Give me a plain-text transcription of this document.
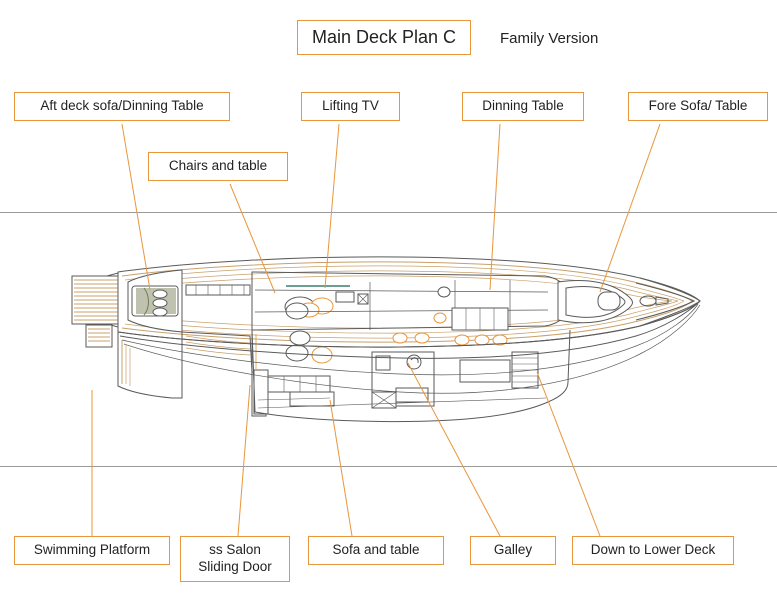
Main Deck Plan C	Family Version
Aft deck sofa/Dinning Table
Chairs and table
Lifting TV	Dinning Table	Fore Sofa/ Table
Swimming Platform	ss Salon Sliding Door
Sofa and table	Galley	Down to Lower Deck
